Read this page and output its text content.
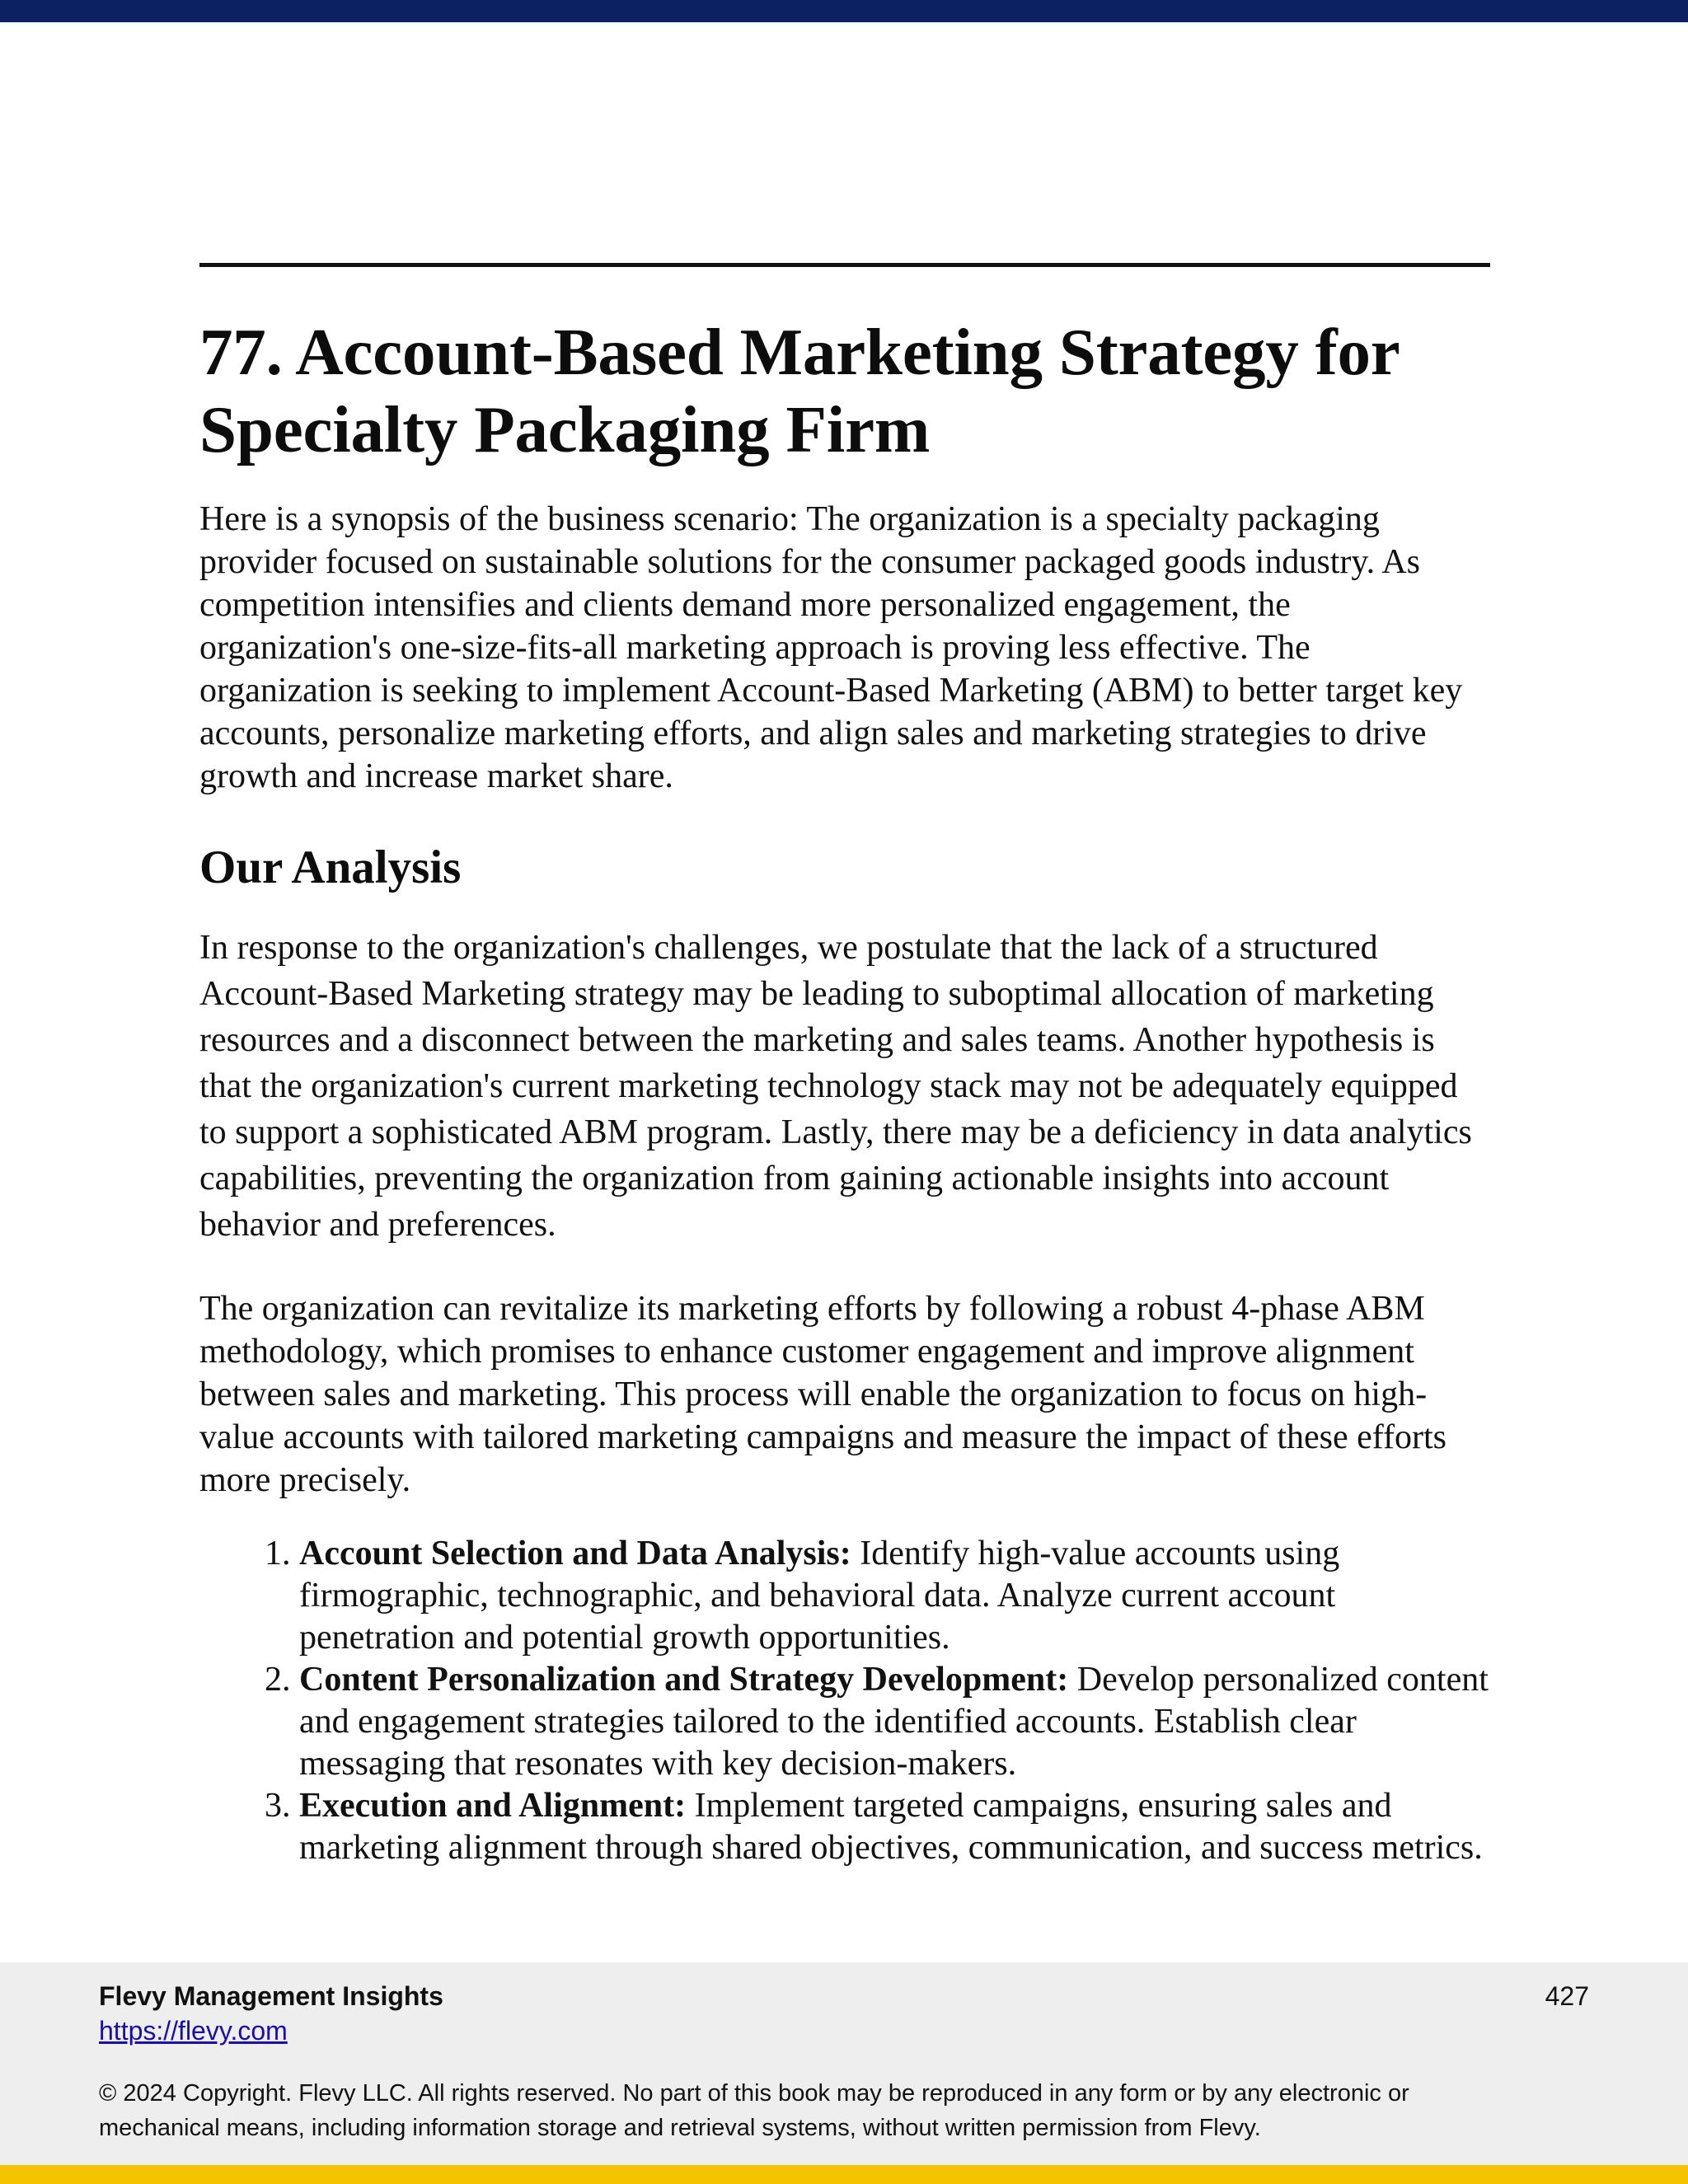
77. Account-Based Marketing Strategy for Specialty Packaging Firm

Here is a synopsis of the business scenario: The organization is a specialty packaging provider focused on sustainable solutions for the consumer packaged goods industry. As competition intensifies and clients demand more personalized engagement, the organization's one-size-fits-all marketing approach is proving less effective. The organization is seeking to implement Account-Based Marketing (ABM) to better target key accounts, personalize marketing efforts, and align sales and marketing strategies to drive growth and increase market share.

Our Analysis

In response to the organization's challenges, we postulate that the lack of a structured Account-Based Marketing strategy may be leading to suboptimal allocation of marketing resources and a disconnect between the marketing and sales teams. Another hypothesis is that the organization's current marketing technology stack may not be adequately equipped to support a sophisticated ABM program. Lastly, there may be a deficiency in data analytics capabilities, preventing the organization from gaining actionable insights into account behavior and preferences.

The organization can revitalize its marketing efforts by following a robust 4-phase ABM methodology, which promises to enhance customer engagement and improve alignment between sales and marketing. This process will enable the organization to focus on high-value accounts with tailored marketing campaigns and measure the impact of these efforts more precisely.

1. Account Selection and Data Analysis: Identify high-value accounts using firmographic, technographic, and behavioral data. Analyze current account penetration and potential growth opportunities.
2. Content Personalization and Strategy Development: Develop personalized content and engagement strategies tailored to the identified accounts. Establish clear messaging that resonates with key decision-makers.
3. Execution and Alignment: Implement targeted campaigns, ensuring sales and marketing alignment through shared objectives, communication, and success metrics.
Flevy Management Insights
https://flevy.com
427
© 2024 Copyright. Flevy LLC. All rights reserved. No part of this book may be reproduced in any form or by any electronic or mechanical means, including information storage and retrieval systems, without written permission from Flevy.
